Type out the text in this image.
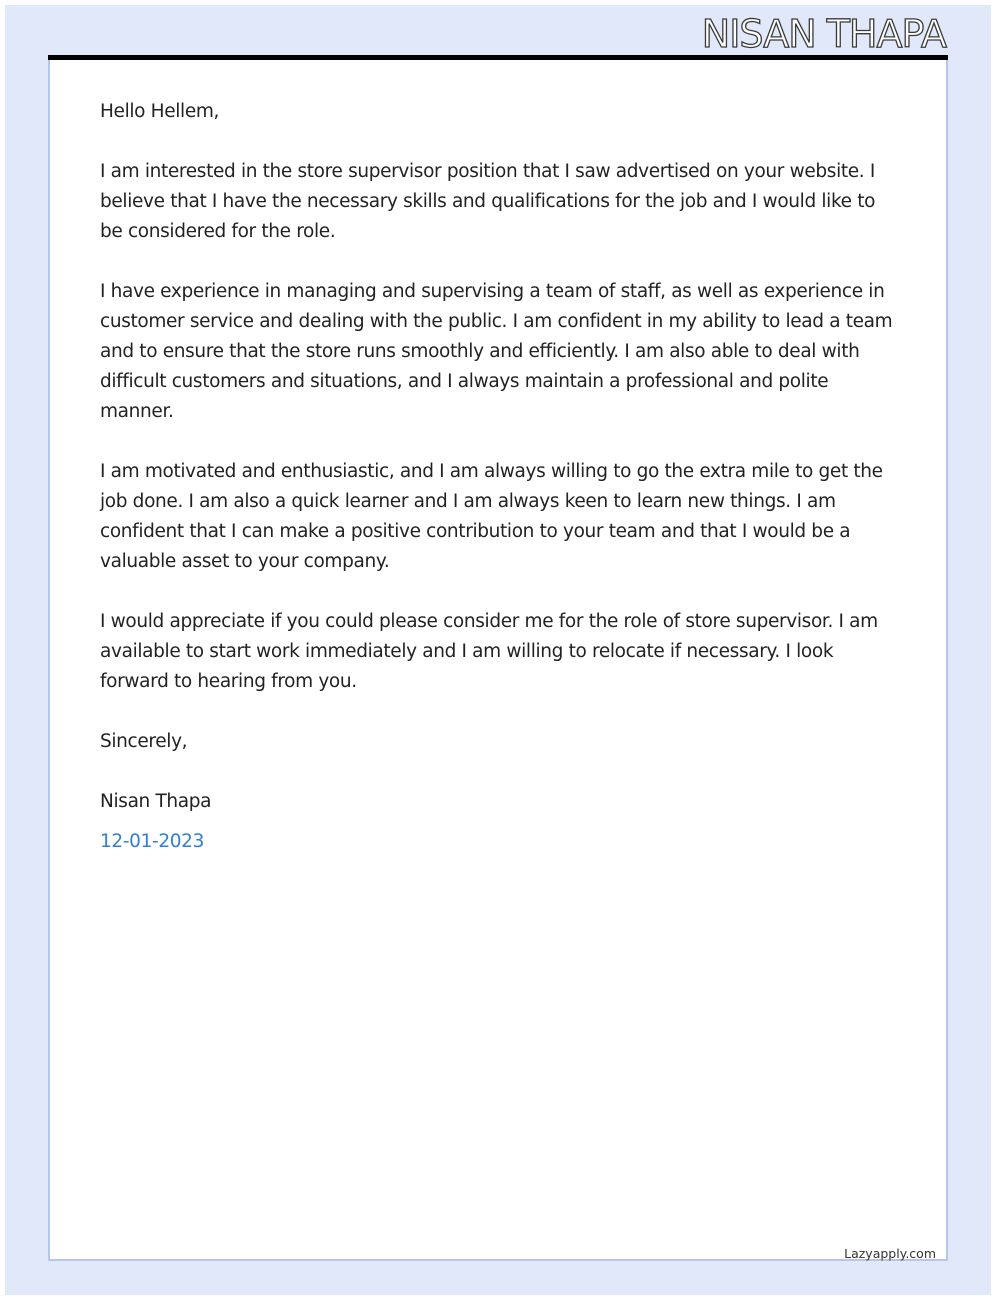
NISAN THAPA

Hello Hellem,

I am interested in the store supervisor position that I saw advertised on your website. I believe that I have the necessary skills and qualifications for the job and I would like to be considered for the role.

I have experience in managing and supervising a team of staff, as well as experience in customer service and dealing with the public. I am confident in my ability to lead a team and to ensure that the store runs smoothly and efficiently. I am also able to deal with difficult customers and situations, and I always maintain a professional and polite manner.

I am motivated and enthusiastic, and I am always willing to go the extra mile to get the job done. I am also a quick learner and I am always keen to learn new things. I am confident that I can make a positive contribution to your team and that I would be a valuable asset to your company.

I would appreciate if you could please consider me for the role of store supervisor. I am available to start work immediately and I am willing to relocate if necessary. I look forward to hearing from you.

Sincerely,

Nisan Thapa

12-01-2023

Lazyapply.com
